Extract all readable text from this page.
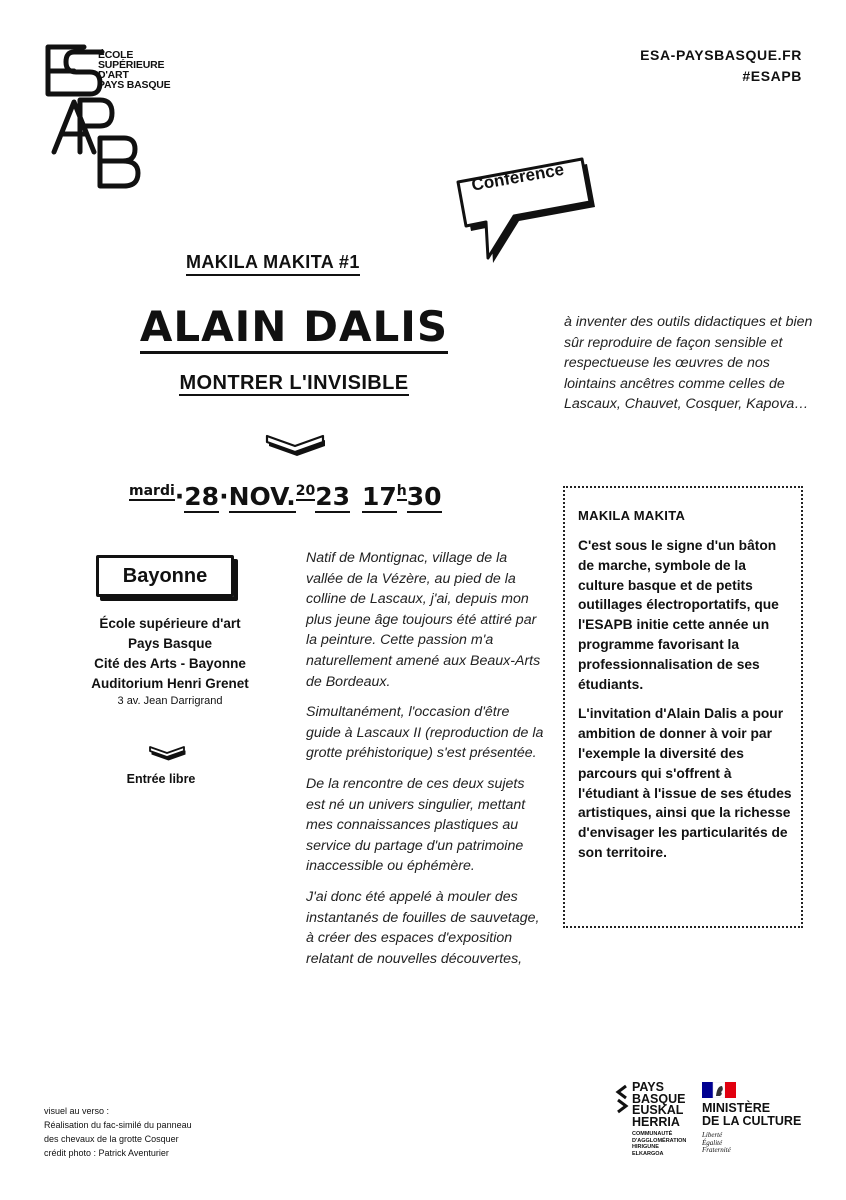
ÉCOLE
SUPÉRIEURE
D'ART
PAYS BASQUE
ESA-PAYSBASQUE.FR
#ESAPB
Conférence
MAKILA MAKITA #1
ALAIN DALIS
MONTRER L'INVISIBLE
mardi·28·NOV.2023 17h30
Bayonne
École supérieure d'art
Pays Basque
Cité des Arts - Bayonne
Auditorium Henri Grenet
3 av. Jean Darrigrand
Entrée libre

Natif de Montignac, village de la vallée de la Vézère, au pied de la colline de Lascaux, j'ai, depuis mon plus jeune âge toujours été attiré par la peinture. Cette passion m'a naturellement amené aux Beaux-Arts de Bordeaux.

Simultanément, l'occasion d'être guide à Lascaux II (reproduction de la grotte préhistorique) s'est présentée.

De la rencontre de ces deux sujets est né un univers singulier, mettant mes connaissances plastiques au service du partage d'un patrimoine inaccessible ou éphémère.

J'ai donc été appelé à mouler des instantanés de fouilles de sauvetage, à créer des espaces d'exposition relatant de nouvelles découvertes,

à inventer des outils didactiques et bien sûr reproduire de façon sensible et respectueuse les œuvres de nos lointains ancêtres comme celles de Lascaux, Chauvet, Cosquer, Kapova…
MAKILA MAKITA

C'est sous le signe d'un bâton de marche, symbole de la culture basque et de petits outillages électroportatifs, que l'ESAPB initie cette année un programme favorisant la professionnalisation de ses étudiants.

L'invitation d'Alain Dalis a pour ambition de donner à voir par l'exemple la diversité des parcours qui s'offrent à l'étudiant à l'issue de ses études artistiques, ainsi que la richesse d'envisager les particularités de son territoire.

visuel au verso :
Réalisation du fac-similé du panneau
des chevaux de la grotte Cosquer
crédit photo : Patrick Aventurier
PAYS
BASQUE
EUSKAL
HERRIA
COMMUNAUTÉ
D'AGGLOMÉRATION
HIRIGUNE
ELKARGOA
MINISTÈRE
DE LA CULTURE
Liberté
Égalité
Fraternité
